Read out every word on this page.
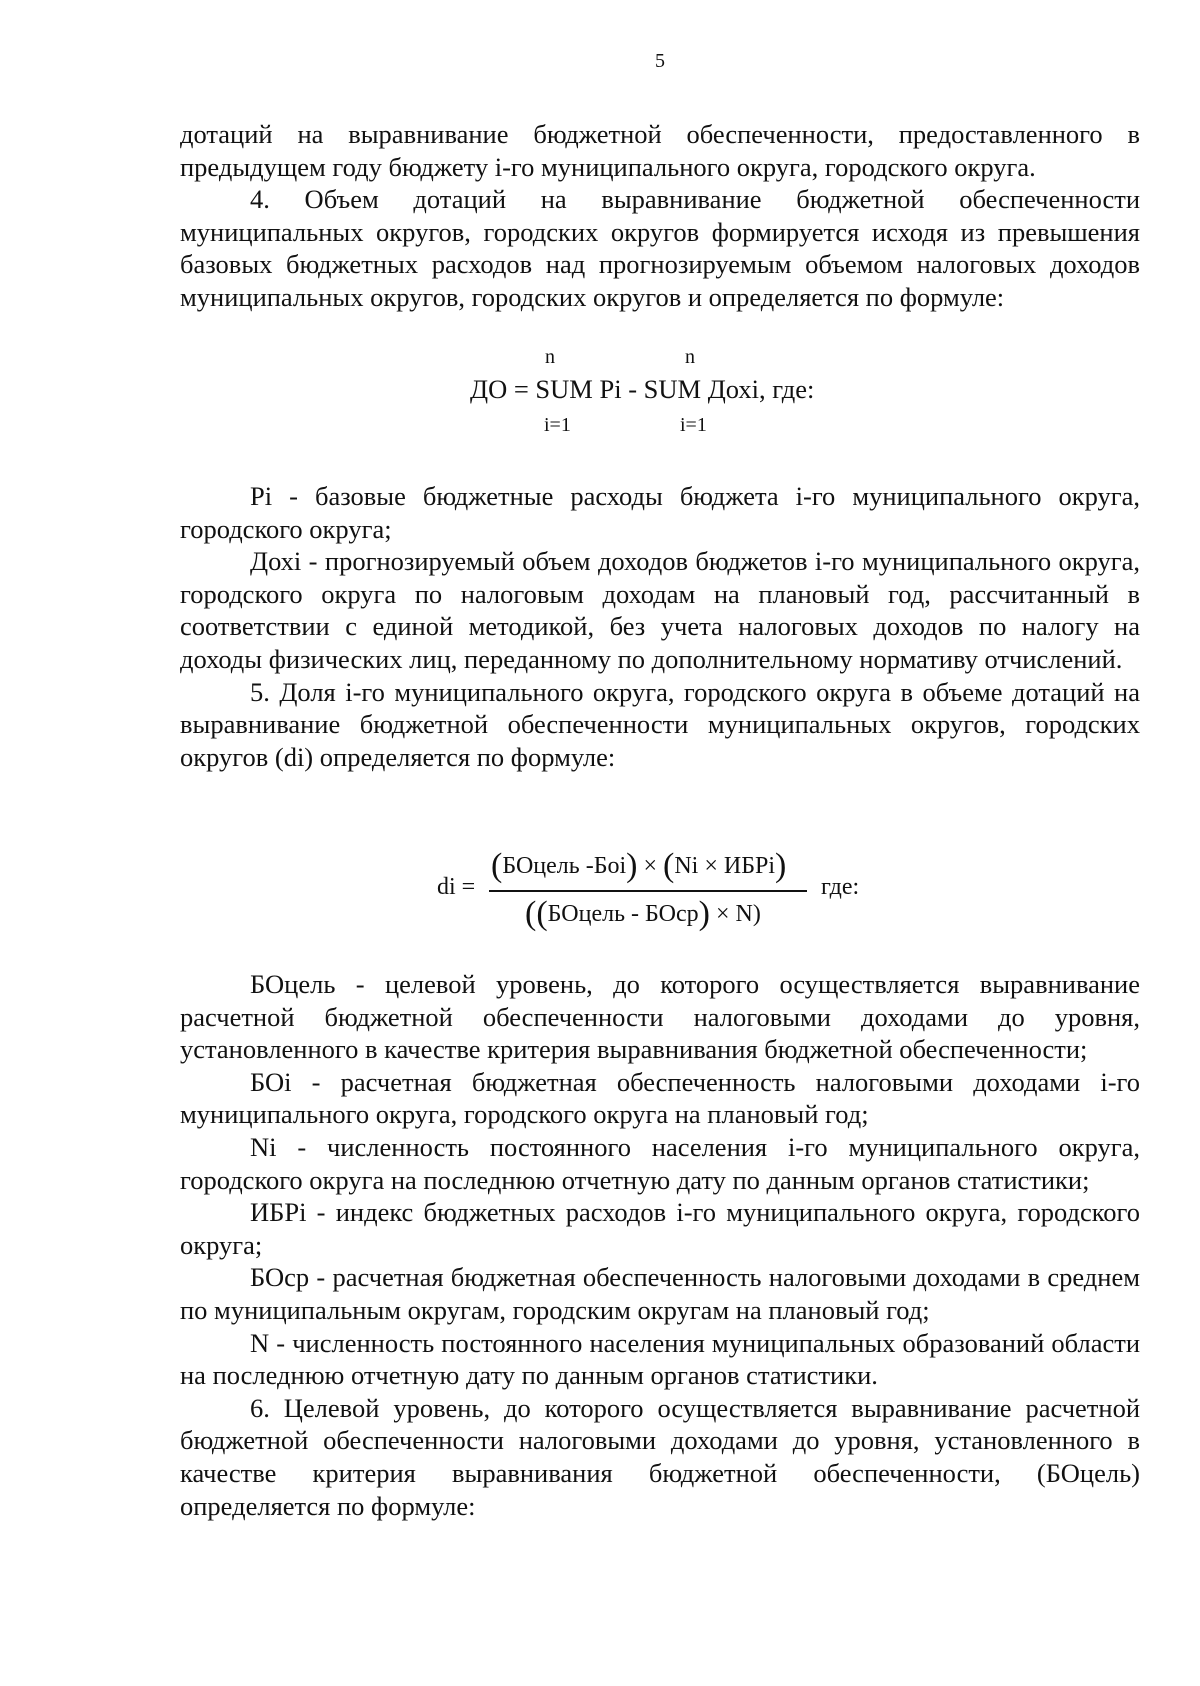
5

дотаций на выравнивание бюджетной обеспеченности, предоставленного в предыдущем году бюджету i-го муниципального округа, городского округа.

4. Объем дотаций на выравнивание бюджетной обеспеченности муниципальных округов, городских округов формируется исходя из превышения базовых бюджетных расходов над прогнозируемым объемом налоговых доходов муниципальных округов, городских округов и определяется по формуле:

n	n
ДО = SUM Pi - SUM Дохi, где:
i=1	i=1

Pi - базовые бюджетные расходы бюджета i-го муниципального округа, городского округа;

Дохi - прогнозируемый объем доходов бюджетов i-го муниципального округа, городского округа по налоговым доходам на плановый год, рассчитанный в соответствии с единой методикой, без учета налоговых доходов по налогу на доходы физических лиц, переданному по дополнительному нормативу отчислений.

5. Доля i-го муниципального округа, городского округа в объеме дотаций на выравнивание бюджетной обеспеченности муниципальных округов, городских округов (di) определяется по формуле:

di =
(БОцель -Боi) × (Ni × ИБРi)
((БОцель - БОср) × N)
где:

БОцель - целевой уровень, до которого осуществляется выравнивание расчетной бюджетной обеспеченности налоговыми доходами до уровня, установленного в качестве критерия выравнивания бюджетной обеспеченности;

БОi - расчетная бюджетная обеспеченность налоговыми доходами i-го муниципального округа, городского округа на плановый год;

Ni - численность постоянного населения i-го муниципального округа, городского округа на последнюю отчетную дату по данным органов статистики;

ИБРi - индекс бюджетных расходов i-го муниципального округа, городского округа;

БОср - расчетная бюджетная обеспеченность налоговыми доходами в среднем по муниципальным округам, городским округам на плановый год;

N - численность постоянного населения муниципальных образований области на последнюю отчетную дату по данным органов статистики.

6. Целевой уровень, до которого осуществляется выравнивание расчетной бюджетной обеспеченности налоговыми доходами до уровня, установленного в качестве критерия выравнивания бюджетной обеспеченности, (БОцель) определяется по формуле:
